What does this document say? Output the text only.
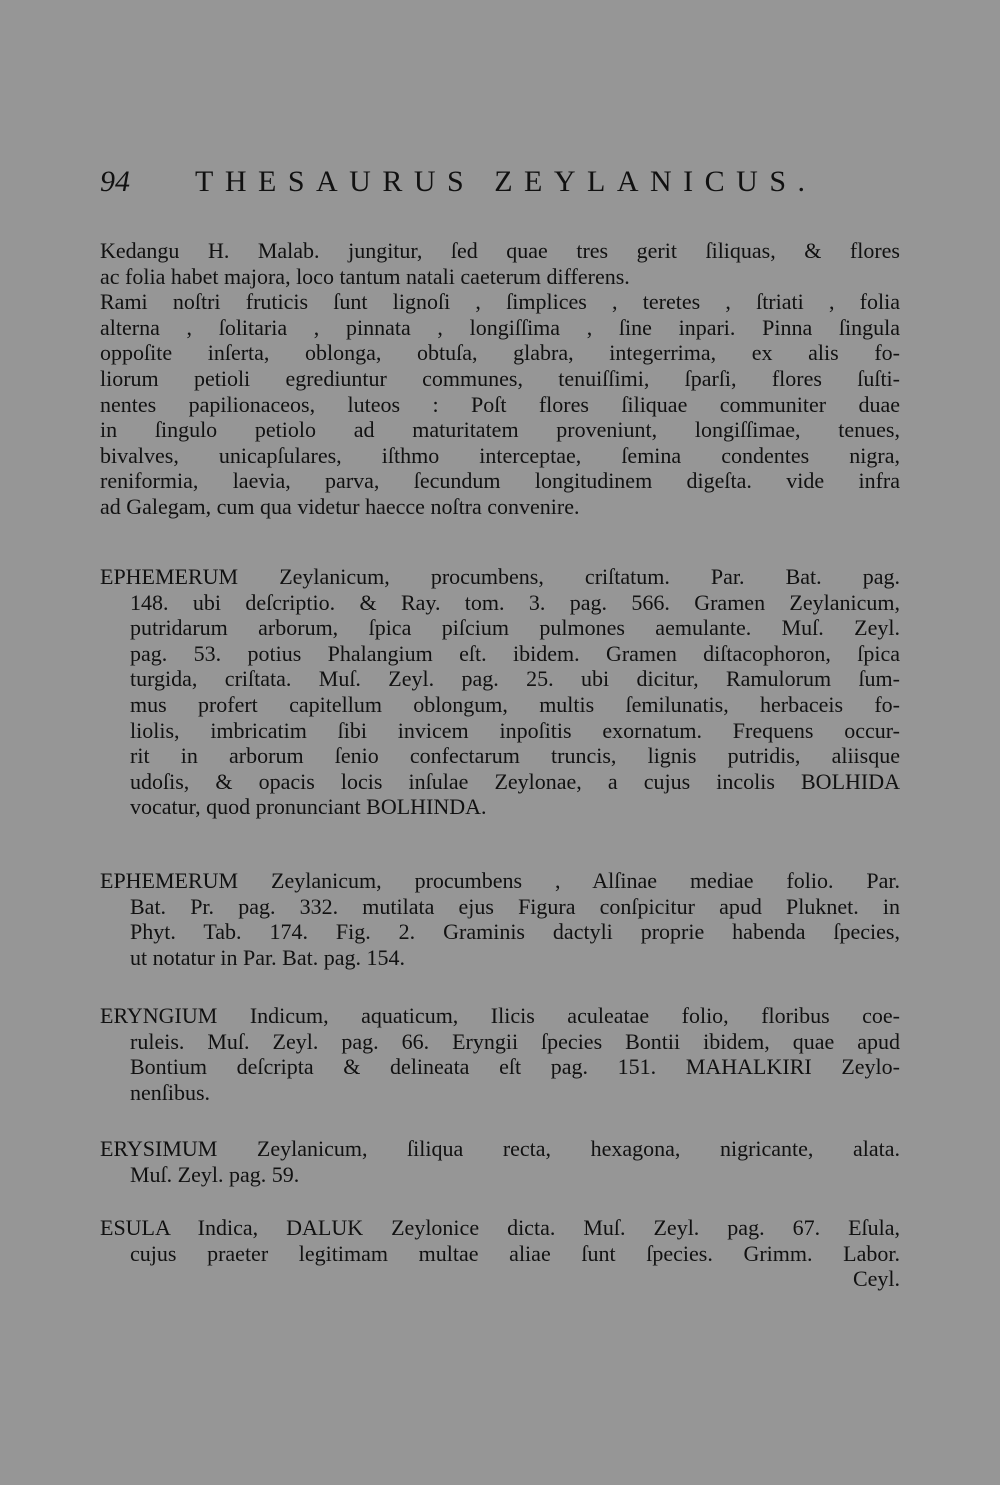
94 THESAURUS ZEYLANICUS.
Kedangu H. Malab. jungitur, ſed quae tres gerit ſiliquas, & flores
ac folia habet majora, loco tantum natali caeterum differens.
Rami noſtri fruticis ſunt lignoſi , ſimplices , teretes , ſtriati , folia
alterna , ſolitaria , pinnata , longiſſima , ſine inpari. Pinna ſingula
oppoſite inſerta, oblonga, obtuſa, glabra, integerrima, ex alis fo-
liorum petioli egrediuntur communes, tenuiſſimi, ſparſi, flores ſuſti-
nentes papilionaceos, luteos : Poſt flores ſiliquae communiter duae
in ſingulo petiolo ad maturitatem proveniunt, longiſſimae, tenues,
bivalves, unicapſulares, iſthmo interceptae, ſemina condentes nigra,
reniformia, laevia, parva, ſecundum longitudinem digeſta. vide infra
ad Galegam, cum qua videtur haecce noſtra convenire.
EPHEMERUM Zeylanicum, procumbens, criſtatum. Par. Bat. pag.
148. ubi deſcriptio. & Ray. tom. 3. pag. 566. Gramen Zeylanicum,
putridarum arborum, ſpica piſcium pulmones aemulante. Muſ. Zeyl.
pag. 53. potius Phalangium eſt. ibidem. Gramen diſtacophoron, ſpica
turgida, criſtata. Muſ. Zeyl. pag. 25. ubi dicitur, Ramulorum ſum-
mus profert capitellum oblongum, multis ſemilunatis, herbaceis fo-
liolis, imbricatim ſibi invicem inpoſitis exornatum. Frequens occur-
rit in arborum ſenio confectarum truncis, lignis putridis, aliisque
udoſis, & opacis locis inſulae Zeylonae, a cujus incolis BOLHIDA
vocatur, quod pronunciant BOLHINDA.
EPHEMERUM Zeylanicum, procumbens , Alſinae mediae folio. Par.
Bat. Pr. pag. 332. mutilata ejus Figura conſpicitur apud Pluknet. in
Phyt. Tab. 174. Fig. 2. Graminis dactyli proprie habenda ſpecies,
ut notatur in Par. Bat. pag. 154.
ERYNGIUM Indicum, aquaticum, Ilicis aculeatae folio, floribus coe-
ruleis. Muſ. Zeyl. pag. 66. Eryngii ſpecies Bontii ibidem, quae apud
Bontium deſcripta & delineata eſt pag. 151. MAHALKIRI Zeylo-
nenſibus.
ERYSIMUM Zeylanicum, ſiliqua recta, hexagona, nigricante, alata.
Muſ. Zeyl. pag. 59.
ESULA Indica, DALUK Zeylonice dicta. Muſ. Zeyl. pag. 67. Eſula,
cujus praeter legitimam multae aliae ſunt ſpecies. Grimm. Labor.
Ceyl.
